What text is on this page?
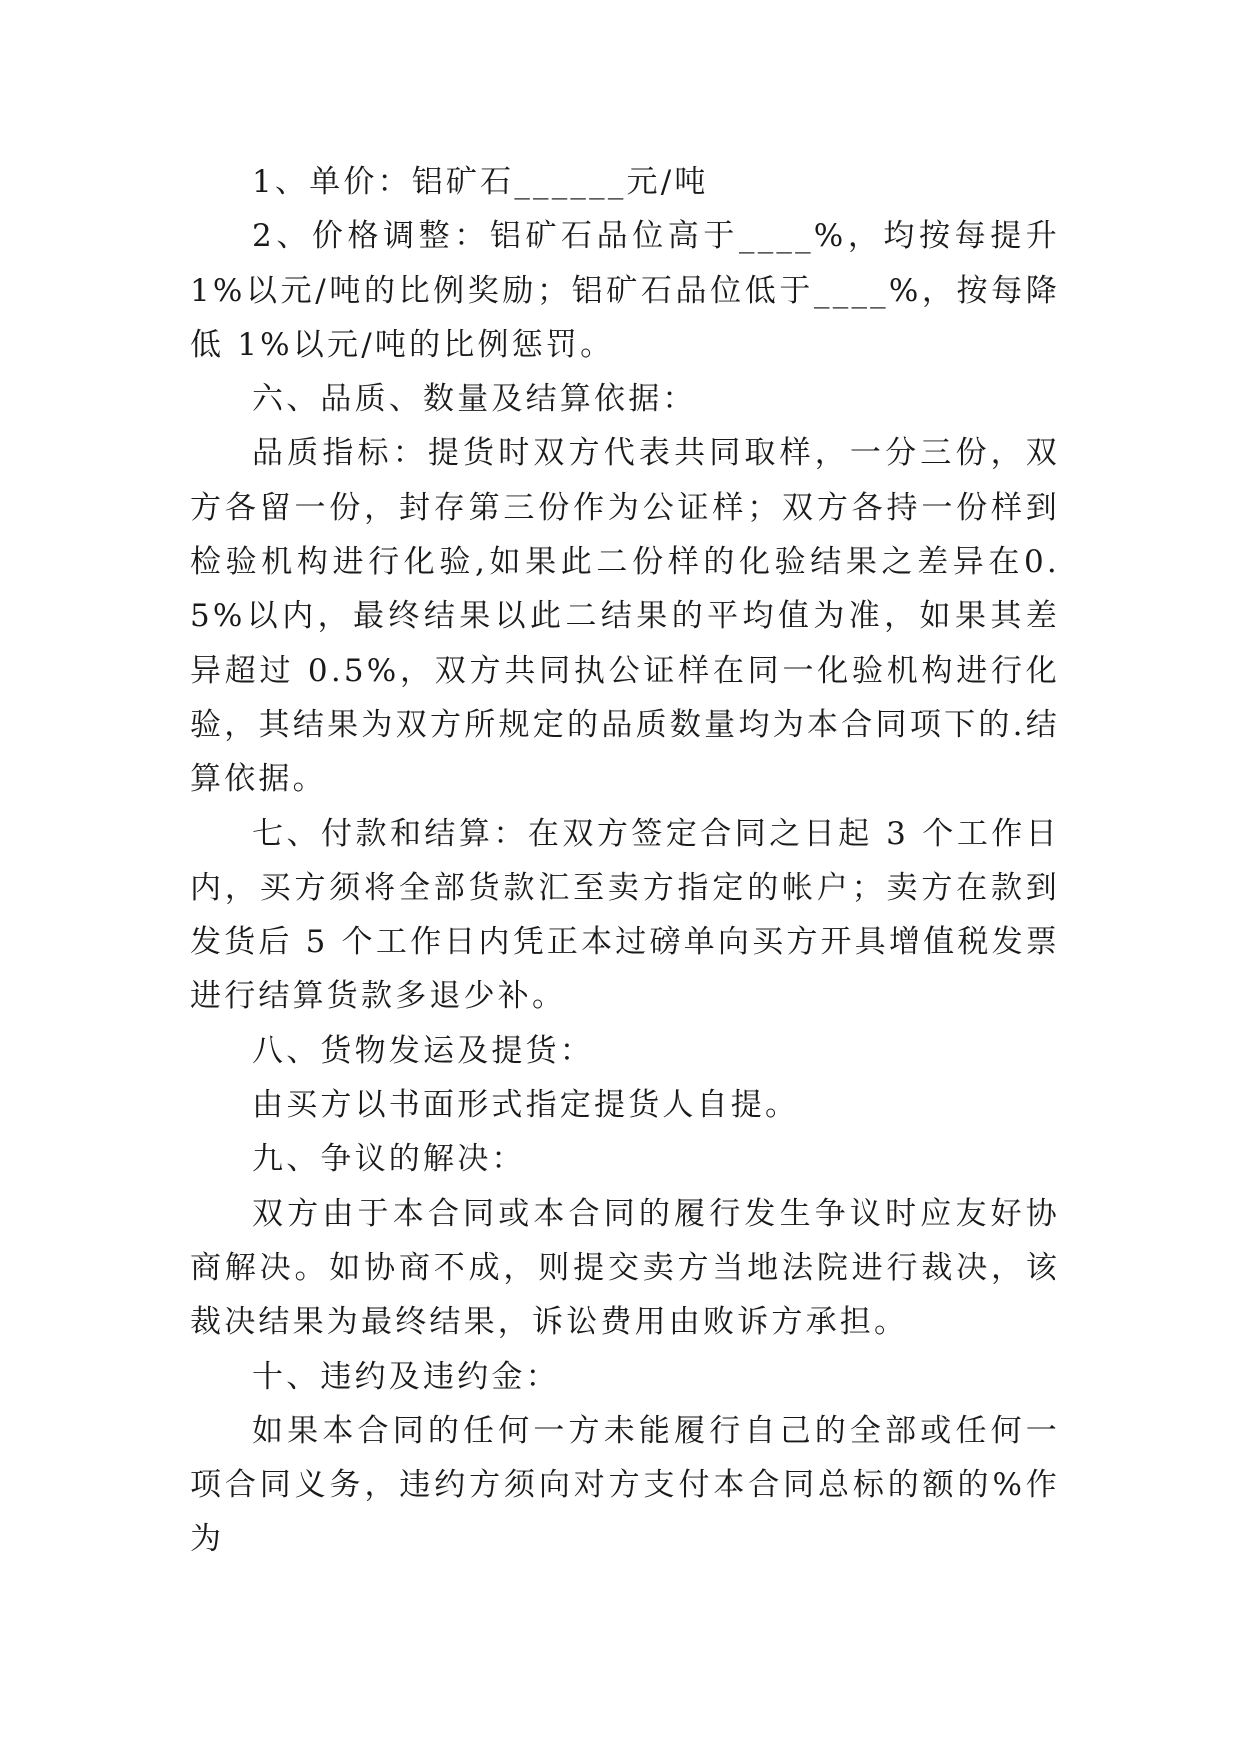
1、单价：铝矿石______元/吨

2、价格调整：铝矿石品位高于____%，均按每提升 1%以元/吨的比例奖励；铝矿石品位低于____%，按每降低 1%以元/吨的比例惩罚。

六、品质、数量及结算依据：

品质指标：提货时双方代表共同取样，一分三份，双方各留一份，封存第三份作为公证样；双方各持一份样到检验机构进行化验,如果此二份样的化验结果之差异在0.5%以内，最终结果以此二结果的平均值为准，如果其差异超过 0.5%，双方共同执公证样在同一化验机构进行化验，其结果为双方所规定的品质数量均为本合同项下的.结算依据。

七、付款和结算：在双方签定合同之日起 3 个工作日内，买方须将全部货款汇至卖方指定的帐户；卖方在款到发货后 5 个工作日内凭正本过磅单向买方开具增值税发票进行结算货款多退少补。

八、货物发运及提货：

由买方以书面形式指定提货人自提。

九、争议的解决：

双方由于本合同或本合同的履行发生争议时应友好协商解决。如协商不成，则提交卖方当地法院进行裁决，该裁决结果为最终结果，诉讼费用由败诉方承担。

十、违约及违约金：

如果本合同的任何一方未能履行自己的全部或任何一项合同义务，违约方须向对方支付本合同总标的额的%作为
